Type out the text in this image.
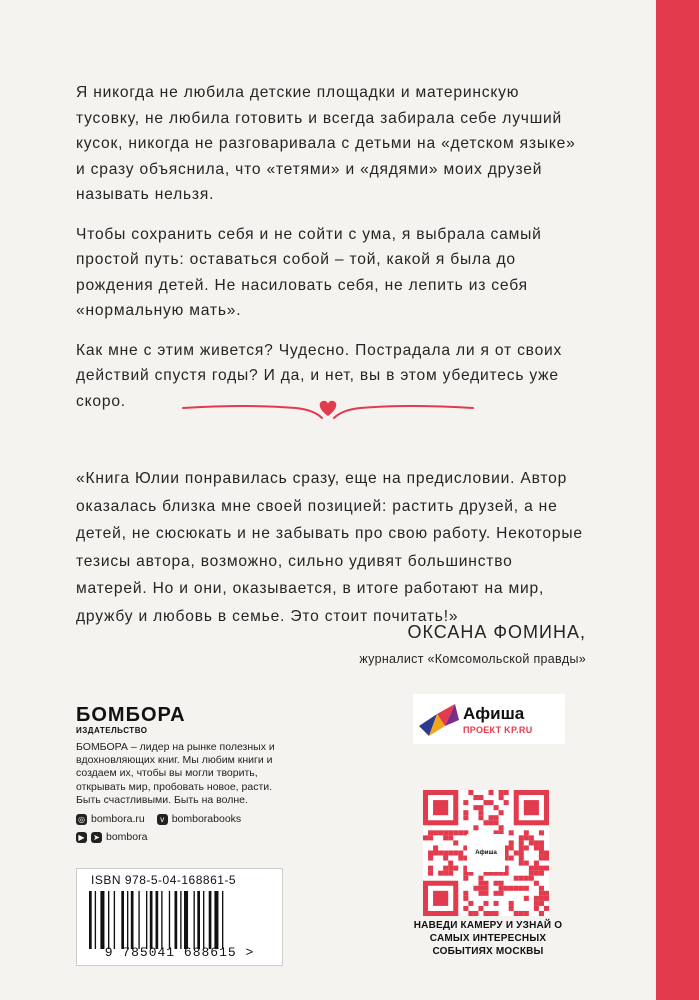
Я никогда не любила детские площадки и материнскую тусовку, не любила готовить и всегда забирала себе лучший кусок, никогда не разговаривала с детьми на «детском языке» и сразу объяснила, что «тетями» и «дядями» моих друзей называть нельзя.

Чтобы сохранить себя и не сойти с ума, я выбрала самый простой путь: оставаться собой – той, какой я была до рождения детей. Не насиловать себя, не лепить из себя «нормальную мать».

Как мне с этим живется? Чудесно. Пострадала ли я от своих действий спустя годы? И да, и нет, вы в этом убедитесь уже скоро.

«Книга Юлии понравилась сразу, еще на предисловии. Автор оказалась близка мне своей позицией: растить друзей, а не детей, не сюсюкать и не забывать про свою работу. Некоторые тезисы автора, возможно, сильно удивят большинство матерей. Но и они, оказывается, в итоге работают на мир, дружбу и любовь в семье. Это стоит почитать!»

ОКСАНА ФОМИНА,
журналист «Комсомольской правды»
БОМБОРА
ИЗДАТЕЛЬСТВО
БОМБОРА – лидер на рынке полезных и вдохновляющих книг. Мы любим книги и создаем их, чтобы вы могли творить, открывать мир, пробовать новое, расти. Быть счастливыми. Быть на волне.
◎ bombora.ru	v bomborabooks
▶	➤ bombora
ISBN 978-5-04-168861-5
9 785041 688615 >
Афиша
ПРОЕКТ KP.RU
Афиша
НАВЕДИ КАМЕРУ И УЗНАЙ О САМЫХ ИНТЕРЕСНЫХ СОБЫТИЯХ МОСКВЫ
